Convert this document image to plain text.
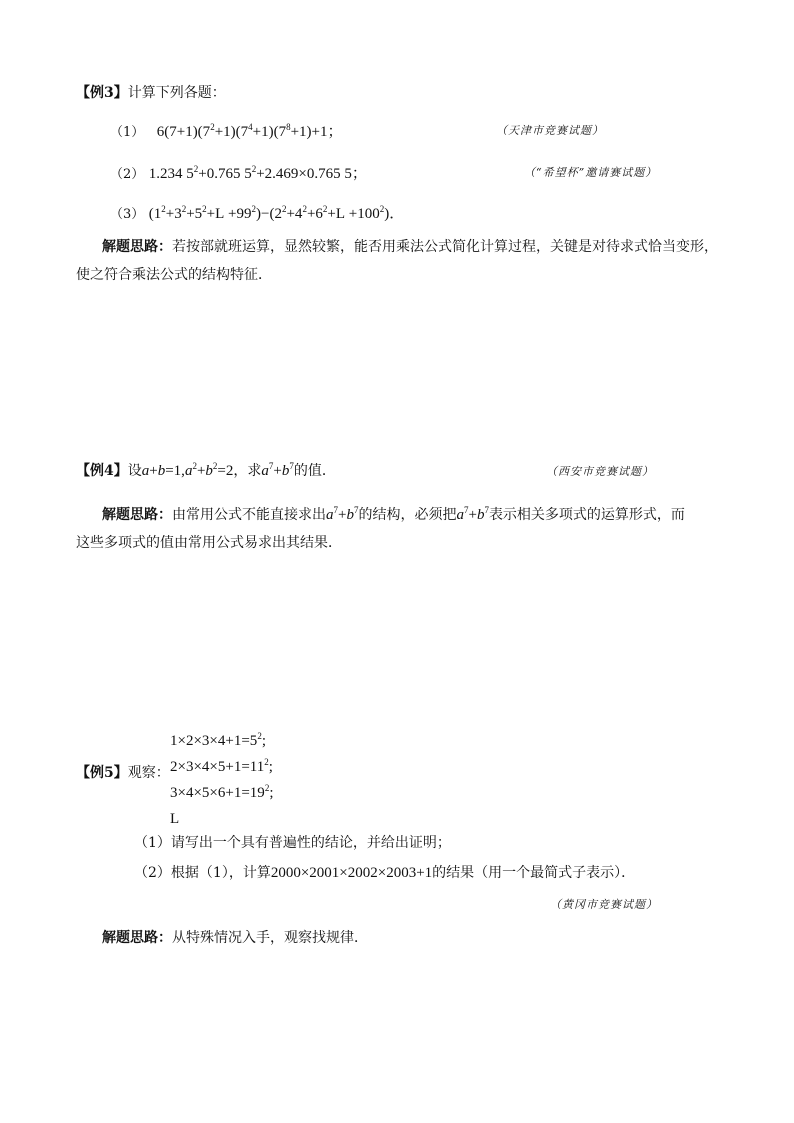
【例3】计算下列各题：
（1） $6(7+1)(7^2+1)(7^4+1)(7^8+1)+1$；	（天津市竞赛试题）
（2） 1.234 $5^2+0.765$ $5^2+2.469\times 0.765$ 5；	（“希望杯”邀请赛试题）
（3） $(1^2+3^2+5^2+L +99^2)-(2^2+4^2+6^2+L +100^2)$．
解题思路：若按部就班运算，显然较繁，能否用乘法公式简化计算过程，关键是对待求式恰当变形，
使之符合乘法公式的结构特征．
【例4】设$a+b=1,a^2+b^2=2$，求$a^7+b^7$的值．	（西安市竞赛试题）
解题思路：由常用公式不能直接求出$a^7+b^7$的结构，必须把$a^7+b^7$表示相关多项式的运算形式，而
这些多项式的值由常用公式易求出其结果．
【例5】观察：
$1\times 2\times 3\times 4+1=5^2$;
$2\times 3\times 4\times 5+1=11^2$;
$3\times 4\times 5\times 6+1=19^2$;
L
（1）请写出一个具有普遍性的结论，并给出证明；
（2）根据（1），计算2000×2001×2002×2003+1的结果（用一个最简式子表示）．
（黄冈市竞赛试题）
解题思路：从特殊情况入手，观察找规律．
